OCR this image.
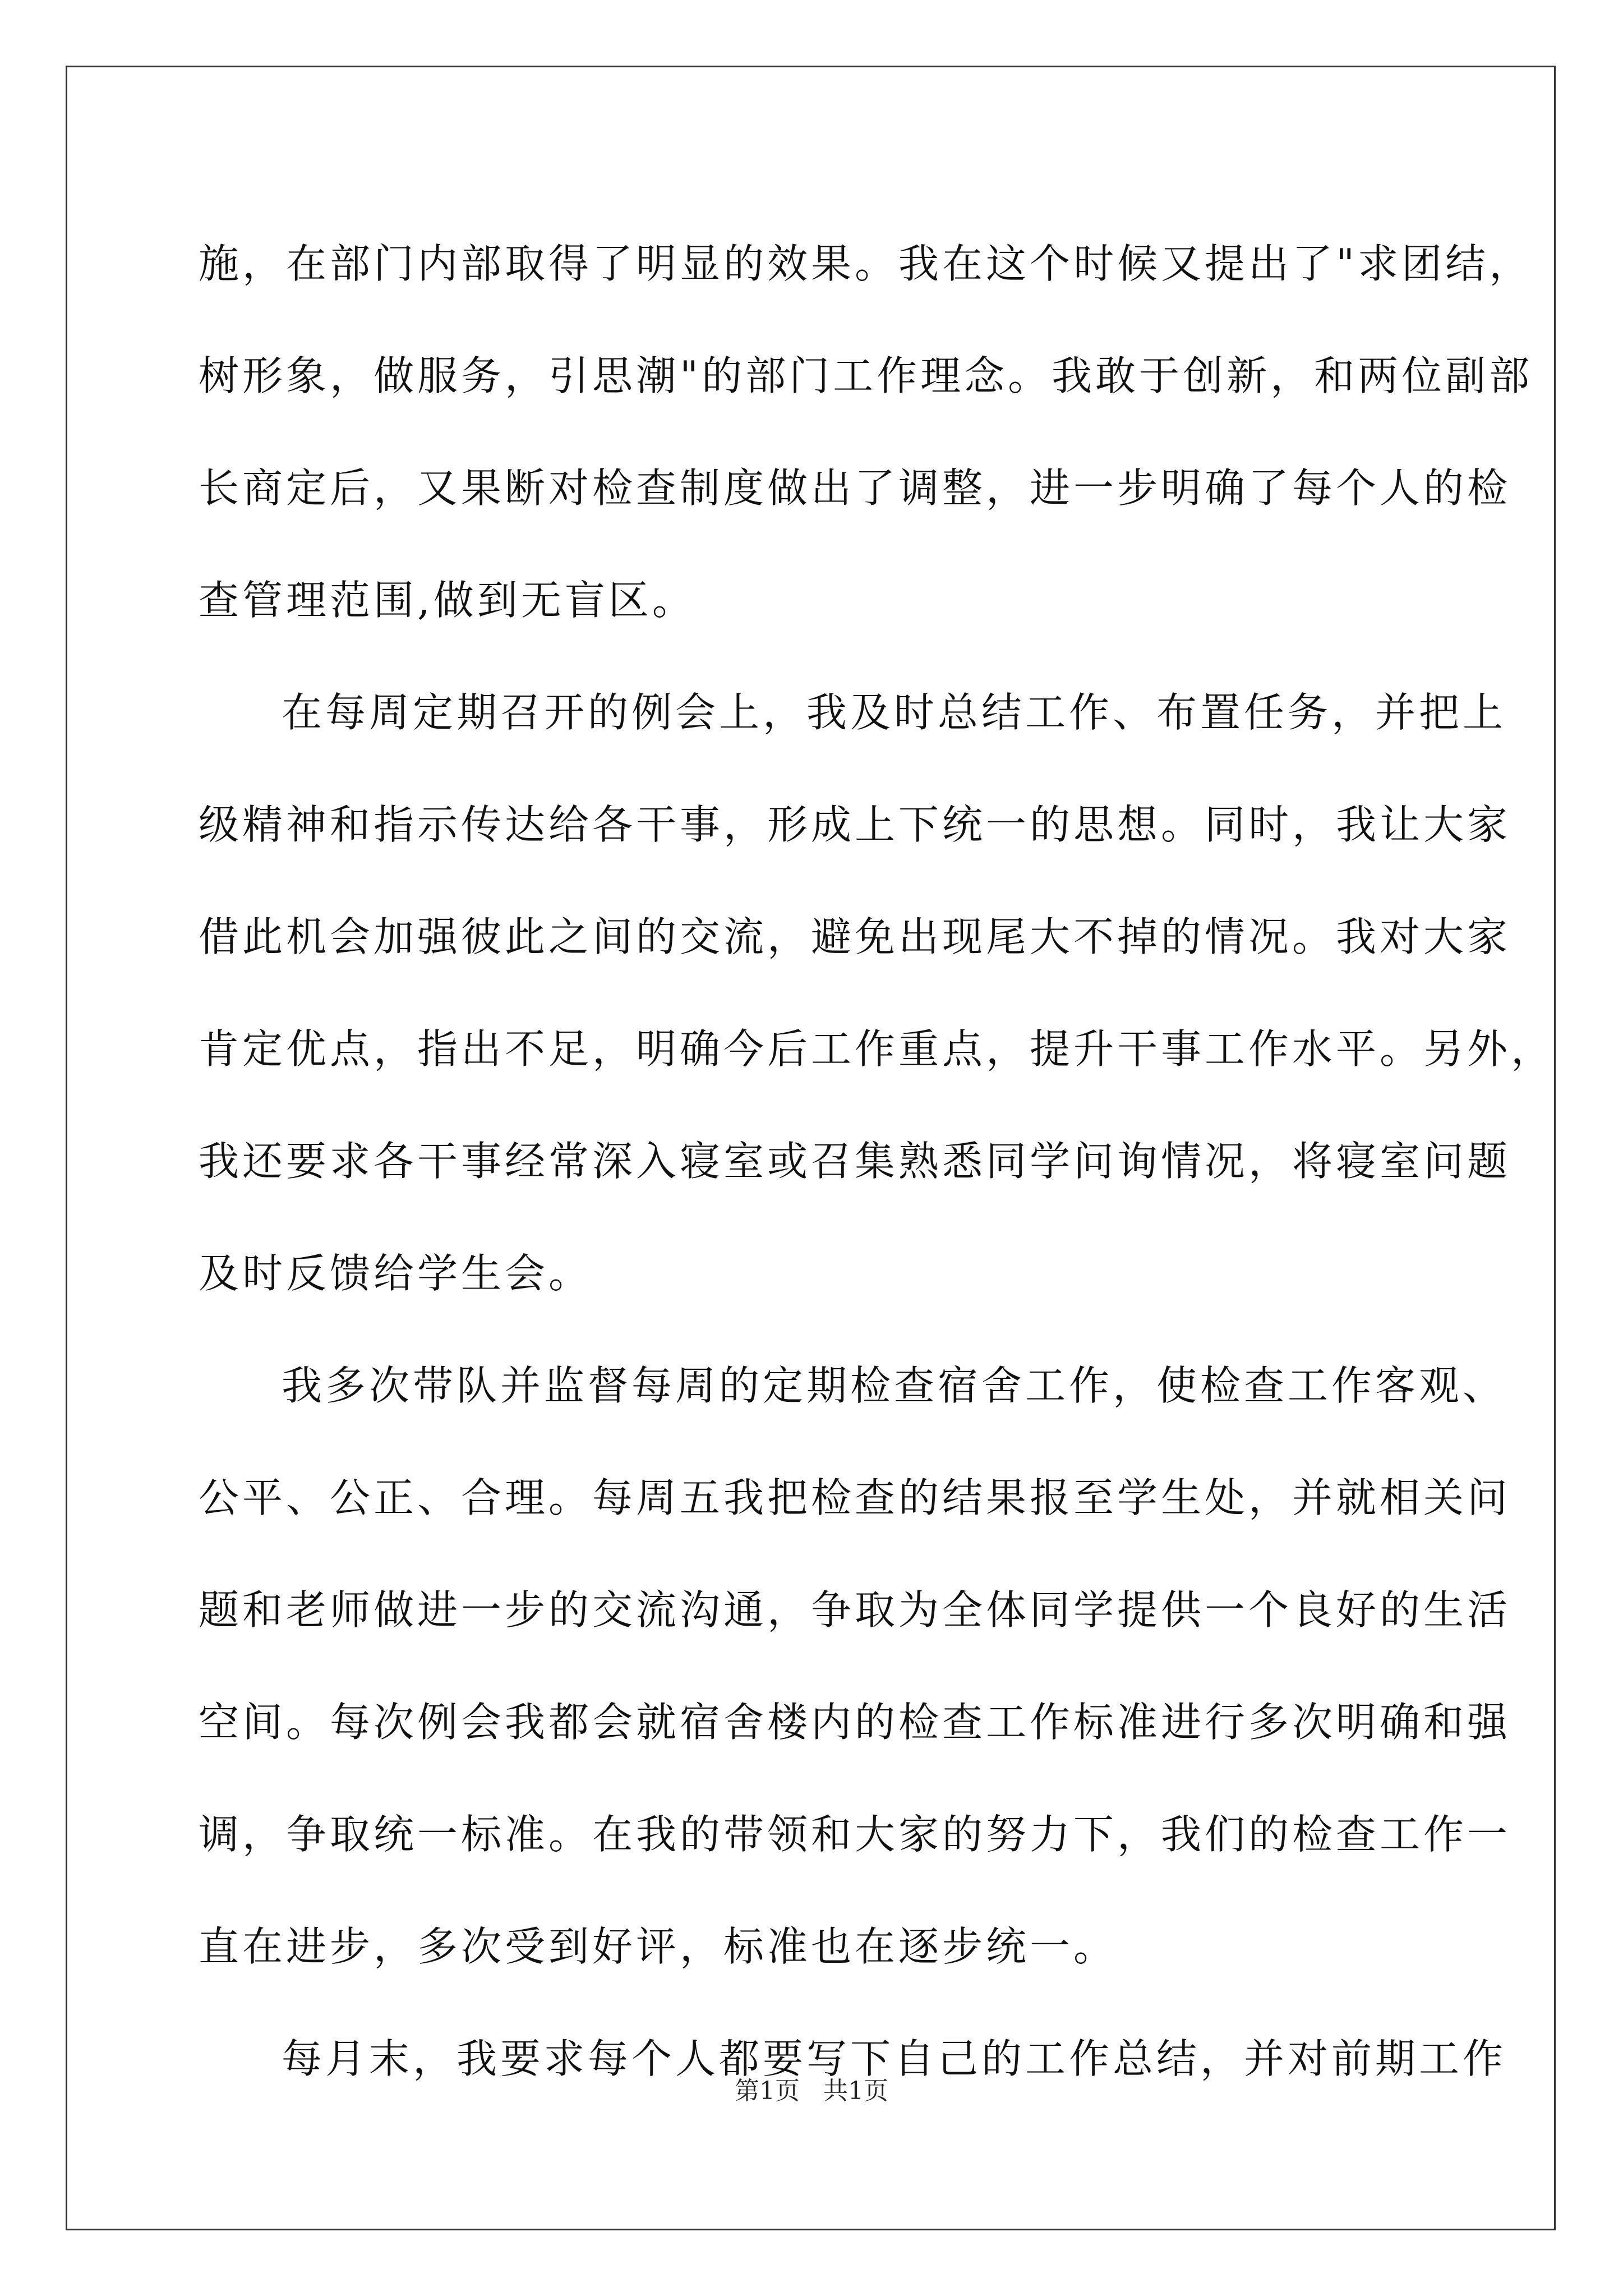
施，在部门内部取得了明显的效果。我在这个时候又提出了"求团结，
树形象，做服务，引思潮"的部门工作理念。我敢于创新，和两位副部
长商定后，又果断对检查制度做出了调整，进一步明确了每个人的检
查管理范围,做到无盲区。
在每周定期召开的例会上，我及时总结工作、布置任务，并把上
级精神和指示传达给各干事，形成上下统一的思想。同时，我让大家
借此机会加强彼此之间的交流，避免出现尾大不掉的情况。我对大家
肯定优点，指出不足，明确今后工作重点，提升干事工作水平。另外，
我还要求各干事经常深入寝室或召集熟悉同学问询情况，将寝室问题
及时反馈给学生会。
我多次带队并监督每周的定期检查宿舍工作，使检查工作客观、
公平、公正、合理。每周五我把检查的结果报至学生处，并就相关问
题和老师做进一步的交流沟通，争取为全体同学提供一个良好的生活
空间。每次例会我都会就宿舍楼内的检查工作标准进行多次明确和强
调，争取统一标准。在我的带领和大家的努力下，我们的检查工作一
直在进步，多次受到好评，标准也在逐步统一。
每月末，我要求每个人都要写下自己的工作总结，并对前期工作
第1页   共1页
